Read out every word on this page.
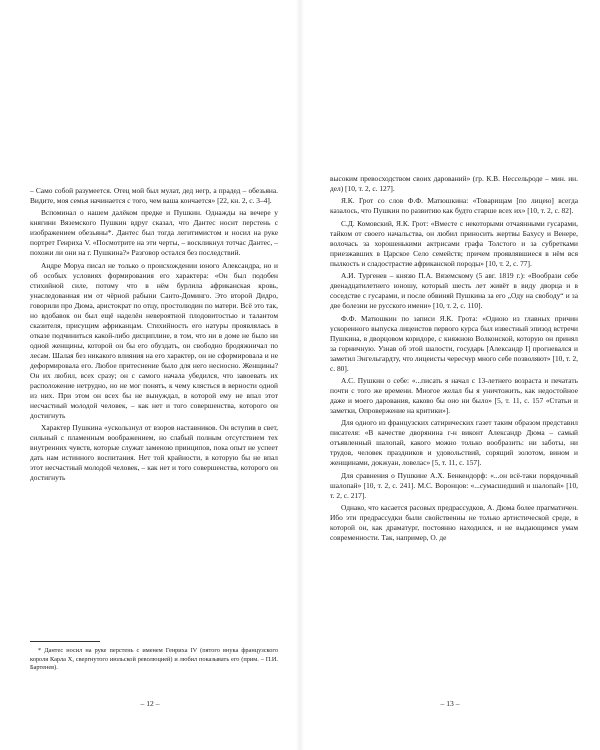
– Само собой разумеется. Отец мой был мулат, дед негр, а прадед – обезьяна. Видите, моя семья начинается с того, чем ваша кончается» [22, кн. 2, с. 3–4].

Вспоминал о нашем далёком предке и Пушкин. Однажды на вечере у княгини Вяземского Пушкин вдруг сказал, что Дантес носит перстень с изображением обезьяны*. Дантес был тогда легитимистом и носил на руке портрет Генриха V. «Посмотрите на эти черты, – воскликнул тотчас Дантес, – похожи ли они на г. Пушкина?» Разговор остался без последствий.

Андре Моруа писал не только о происхождении юного Александра, но и об особых условиях формирования его характера: «Он был подобен стихийной силе, потому что в нём бурлила африканская кровь, унаследованная им от чёрной рабыни Санто-Доминго. Это второй Дидро, говорили про Дюма, аристократ по отцу, простолюдин по матери. Всё это так, но вдобавок он был ещё наделён невероятной плодовитостью и талантом сказителя, присущим африканцам. Стихийность его натуры проявлялась в отказе подчиниться какой-либо дисциплине, в том, что ни в доме не было ни одной женщины, которой он бы его обуздать, он свободно бродяжничал по лесам. Шалая без никакого влияния на его характер, он не сформировала и не деформировала его. Любое притеснение было для него несносно. Женщины? Он их любил, всех сразу; он с самого начала убедился, что завоевать их расположение нетрудно, но не мог понять, к чему клясться в верности одной из них. При этом он всех бы не вынуждал, в которой ему не впал этот несчастный молодой человек, – как нет и того совершенства, которого он достигнуть

Характер Пушкина «ускользнул от взоров наставников. Он вступив в свет, сильный с пламенным воображением, но слабый полным отсутствием тех внутренних чувств, которые служат заменою принципов, пока опыт не успеет дать нам истинного воспитания. Нет той крайности, в которую бы не впал этот несчастный молодой человек, – как нет и того совершенства, которого он достигнуть

* Дантес носил на руке перстень с именем Генриха IV (пятого внука французского короля Карла X, свергнутого июльской революцией) и любил показывать его (прим. – П.И. Бартенев).
– 12 –

высоким превосходством своих дарований» (гр. К.В. Нессельроде – мин. ин. дел) [10, т. 2, с. 127].

Я.К. Грот со слов Ф.Ф. Матюшкина: «Товарищам [по лицею] всегда казалось, что Пушкин по развитию как будто старше всех их» [10, т. 2, с. 82].

С.Д. Комовский, Я.К. Грот: «Вместе с некоторыми отчаянными гусарами, тайком от своего начальства, он любил приносить жертвы Бахусу и Венере, волочась за хорошенькими актрисами графа Толстого и за субретками приезжавших в Царское Село семейств; причем проявлявшиеся в нём вся пылкость и сладострастие африканской породы» [10, т. 2, с. 77].

А.И. Тургенев – князю П.А. Вяземскому (5 авг. 1819 г.): «Вообрази себе двенадцатилетнего юношу, который шесть лет живёт в виду дворца и в соседстве с гусарами, и после обвиняй Пушкина за его „Оду на свободу“ и за две болезни не русского имени» [10, т. 2, с. 110].

Ф.Ф. Матюшкин по записи Я.К. Грота: «Одною из главных причин ускоренного выпуска лицеистов первого курса был известный эпизод встречи Пушкина, в дворцовом коридоре, с княжною Волконской, которую он принял за горничную. Узнав об этой шалости, государь [Александр I] прогневался и заметил Энгельгардту, что лицеисты чересчур много себе позволяют» [10, т. 2, с. 80].

А.С. Пушкин о себе: «...писать я начал с 13-летнего возраста и печатать почти с того же времени. Многое желал бы я уничтожить, как недостойное даже и моего дарования, каково бы оно ни было» [5, т. 11, с. 157 «Статьи и заметки, Опровержение на критики»].

Для одного из французских сатирических газет таким образом представил писателя: «В качестве дворянина г-н виконт Александр Дюма – самый отъявленный шалопай, какого можно только вообразить: ни заботы, ни трудов, человек праздников и удовольствий, сорящий золотом, вином и женщинами, докжуан, ловелас» [5, т. 11, с. 157].

Для сравнения о Пушкине А.Х. Бенкендорф: «...он всё-таки порядочный шалопай» [10, т. 2, с. 241]. М.С. Воронцов: «...сумасшедший и шалопай» [10, т. 2, с. 217].

Однако, что касается расовых предрассудков, А. Дюма более прагматичен. Ибо эти предрассудки были свойственны не только артистической среде, в которой он, как драматург, постоянно находился, и не выдающимся умам современности. Так, например, О. де

– 13 –
